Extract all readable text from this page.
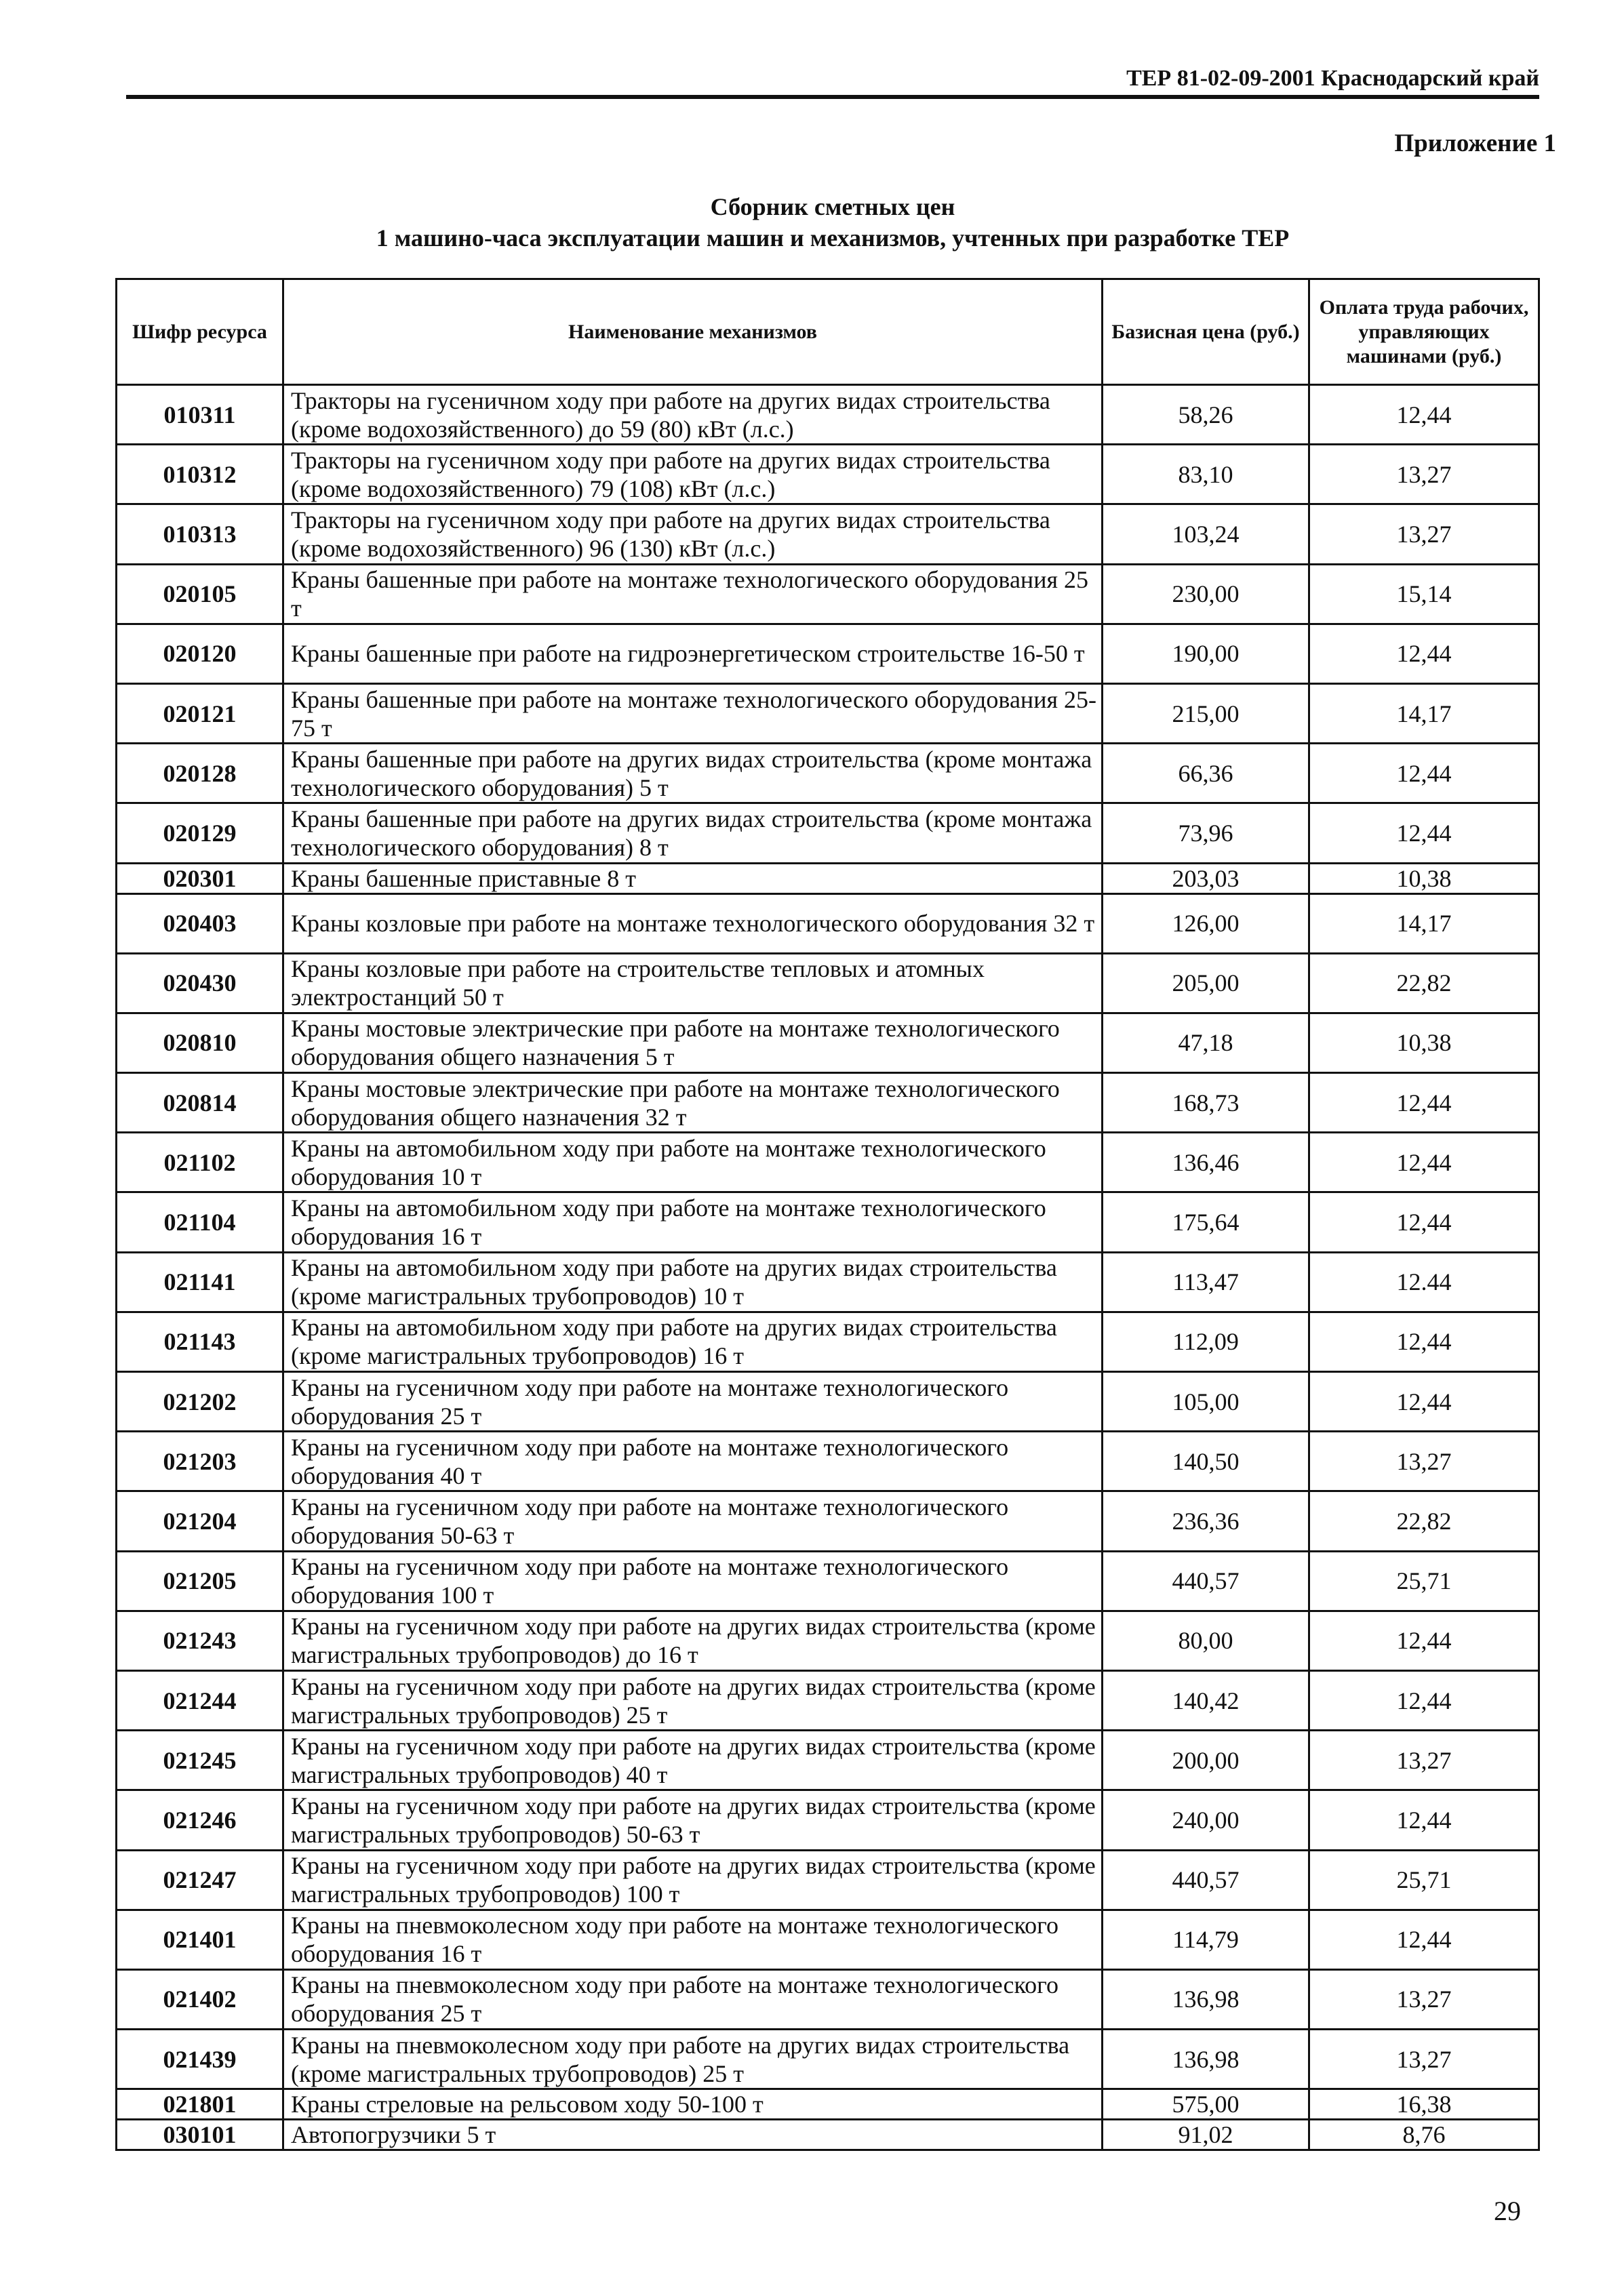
ТЕР 81-02-09-2001 Краснодарский край
Приложение 1
Сборник сметных цен
1 машино-часа эксплуатации машин и механизмов, учтенных при разработке ТЕР
Шифр ресурса	Наименование механизмов	Базисная цена (руб.)	Оплата труда рабочих, управляющих машинами (руб.)
010311	Тракторы на гусеничном ходу при работе на других видах строительства (кроме водохозяйственного) до 59 (80) кВт (л.с.)	58,26	12,44
010312	Тракторы на гусеничном ходу при работе на других видах строительства (кроме водохозяйственного) 79 (108) кВт (л.с.)	83,10	13,27
010313	Тракторы на гусеничном ходу при работе на других видах строительства (кроме водохозяйственного) 96 (130) кВт (л.с.)	103,24	13,27
020105	Краны башенные при работе на монтаже технологического оборудования 25 т	230,00	15,14
020120	Краны башенные при работе на гидроэнергетическом строительстве 16-50 т	190,00	12,44
020121	Краны башенные при работе на монтаже технологического оборудования 25-75 т	215,00	14,17
020128	Краны башенные при работе на других видах строительства (кроме монтажа технологического оборудования) 5 т	66,36	12,44
020129	Краны башенные при работе на других видах строительства (кроме монтажа технологического оборудования) 8 т	73,96	12,44
020301	Краны башенные приставные 8 т	203,03	10,38
020403	Краны козловые при работе на монтаже технологического оборудования 32 т	126,00	14,17
020430	Краны козловые при работе на строительстве тепловых и атомных электростанций 50 т	205,00	22,82
020810	Краны мостовые электрические при работе на монтаже технологического оборудования общего назначения 5 т	47,18	10,38
020814	Краны мостовые электрические при работе на монтаже технологического оборудования общего назначения 32 т	168,73	12,44
021102	Краны на автомобильном ходу при работе на монтаже технологического оборудования 10 т	136,46	12,44
021104	Краны на автомобильном ходу при работе на монтаже технологического оборудования 16 т	175,64	12,44
021141	Краны на автомобильном ходу при работе на других видах строительства (кроме магистральных трубопроводов) 10 т	113,47	12.44
021143	Краны на автомобильном ходу при работе на других видах строительства (кроме магистральных трубопроводов) 16 т	112,09	12,44
021202	Краны на гусеничном ходу при работе на монтаже технологического оборудования 25 т	105,00	12,44
021203	Краны на гусеничном ходу при работе на монтаже технологического оборудования 40 т	140,50	13,27
021204	Краны на гусеничном ходу при работе на монтаже технологического оборудования 50-63 т	236,36	22,82
021205	Краны на гусеничном ходу при работе на монтаже технологического оборудования 100 т	440,57	25,71
021243	Краны на гусеничном ходу при работе на других видах строительства (кроме магистральных трубопроводов) до 16 т	80,00	12,44
021244	Краны на гусеничном ходу при работе на других видах строительства (кроме магистральных трубопроводов) 25 т	140,42	12,44
021245	Краны на гусеничном ходу при работе на других видах строительства (кроме магистральных трубопроводов) 40 т	200,00	13,27
021246	Краны на гусеничном ходу при работе на других видах строительства (кроме магистральных трубопроводов) 50-63 т	240,00	12,44
021247	Краны на гусеничном ходу при работе на других видах строительства (кроме магистральных трубопроводов) 100 т	440,57	25,71
021401	Краны на пневмоколесном ходу при работе на монтаже технологического оборудования 16 т	114,79	12,44
021402	Краны на пневмоколесном ходу при работе на монтаже технологического оборудования 25 т	136,98	13,27
021439	Краны на пневмоколесном ходу при работе на других видах строительства (кроме магистральных трубопроводов) 25 т	136,98	13,27
021801	Краны стреловые на рельсовом ходу 50-100 т	575,00	16,38
030101	Автопогрузчики 5 т	91,02	8,76
29
